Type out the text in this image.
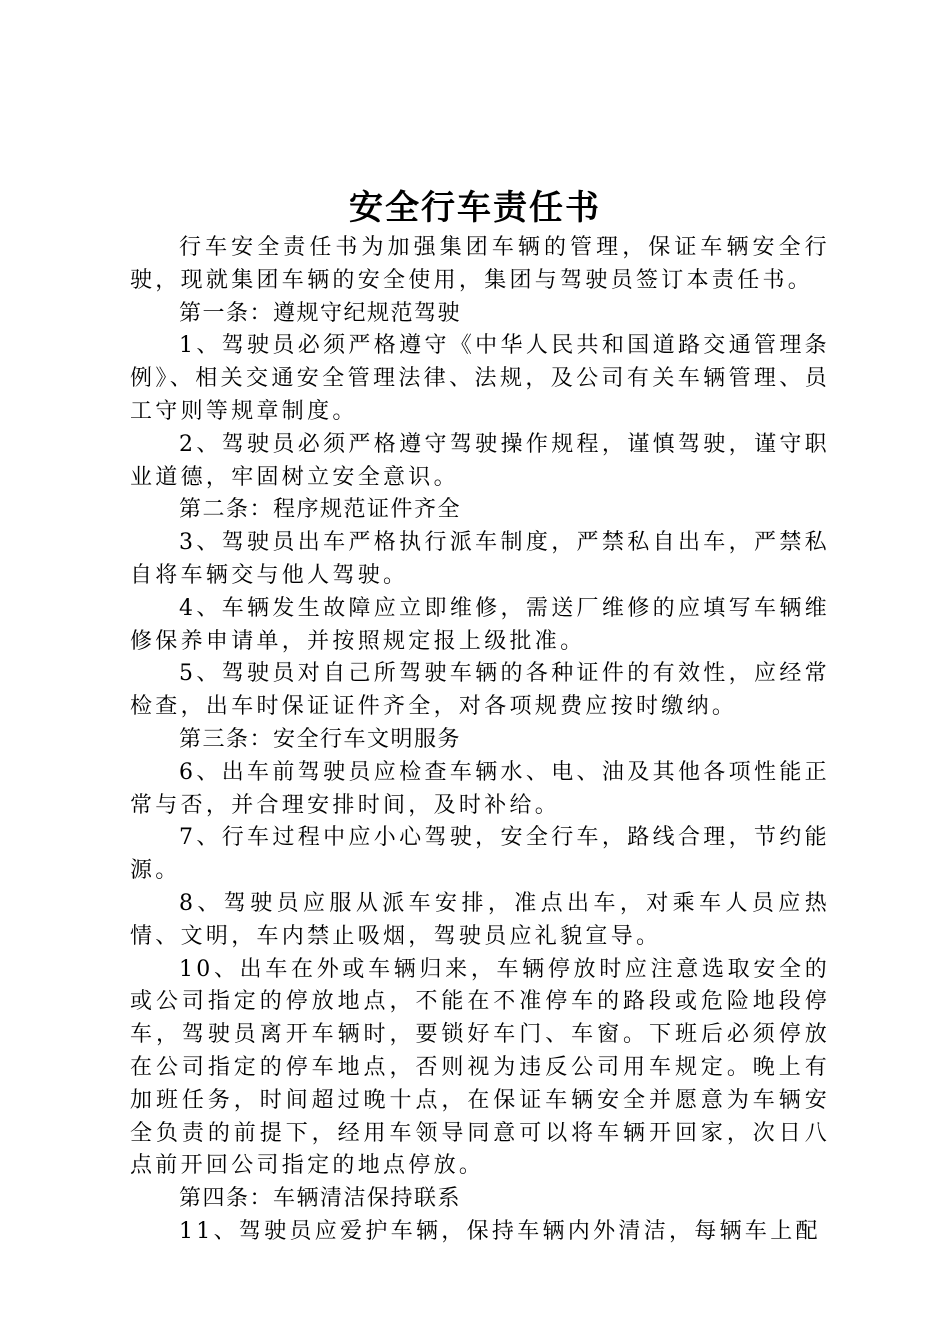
安全行车责任书

行车安全责任书为加强集团车辆的管理，保证车辆安全行驶，现就集团车辆的安全使用，集团与驾驶员签订本责任书。

第一条：遵规守纪规范驾驶

1、驾驶员必须严格遵守《中华人民共和国道路交通管理条例》、相关交通安全管理法律、法规，及公司有关车辆管理、员工守则等规章制度。

2、驾驶员必须严格遵守驾驶操作规程，谨慎驾驶，谨守职业道德，牢固树立安全意识。

第二条：程序规范证件齐全

3、驾驶员出车严格执行派车制度，严禁私自出车，严禁私自将车辆交与他人驾驶。

4、车辆发生故障应立即维修，需送厂维修的应填写车辆维修保养申请单，并按照规定报上级批准。

5、驾驶员对自己所驾驶车辆的各种证件的有效性，应经常检查，出车时保证证件齐全，对各项规费应按时缴纳。

第三条：安全行车文明服务

6、出车前驾驶员应检查车辆水、电、油及其他各项性能正常与否，并合理安排时间，及时补给。

7、行车过程中应小心驾驶，安全行车，路线合理，节约能源。

8、驾驶员应服从派车安排，准点出车，对乘车人员应热情、文明，车内禁止吸烟，驾驶员应礼貌宣导。

10、出车在外或车辆归来，车辆停放时应注意选取安全的或公司指定的停放地点，不能在不准停车的路段或危险地段停车，驾驶员离开车辆时，要锁好车门、车窗。下班后必须停放在公司指定的停车地点，否则视为违反公司用车规定。晚上有加班任务，时间超过晚十点，在保证车辆安全并愿意为车辆安全负责的前提下，经用车领导同意可以将车辆开回家，次日八点前开回公司指定的地点停放。

第四条：车辆清洁保持联系

11、驾驶员应爱护车辆，保持车辆内外清洁，每辆车上配
